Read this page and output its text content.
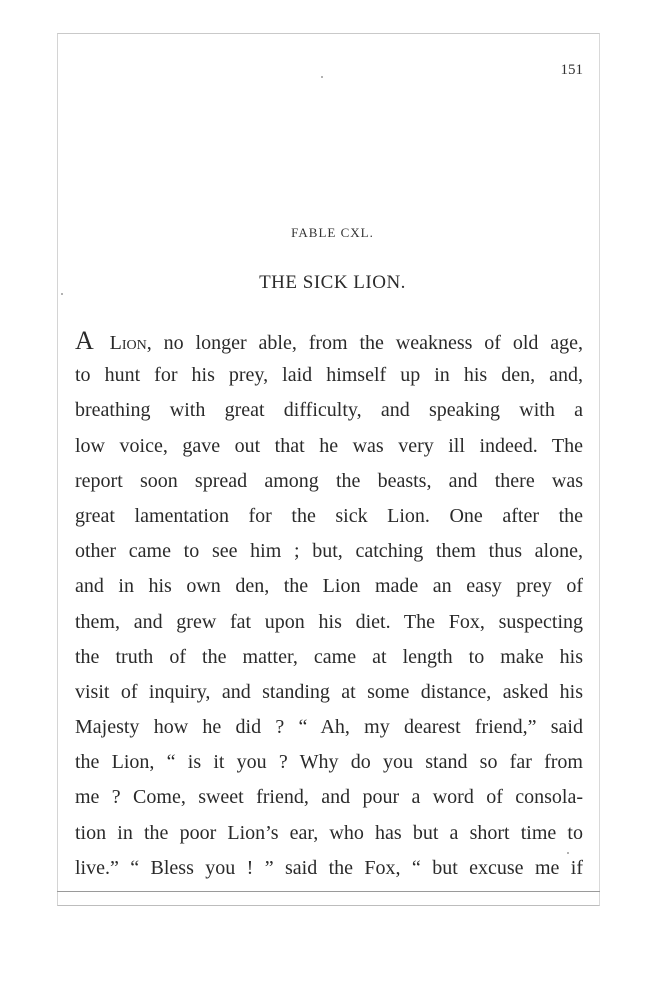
151
FABLE CXL.
THE SICK LION.
A Lion, no longer able, from the weakness of old age,
to hunt for his prey, laid himself up in his den, and,
breathing with great difficulty, and speaking with a
low voice, gave out that he was very ill indeed. The
report soon spread among the beasts, and there was
great lamentation for the sick Lion. One after the
other came to see him ; but, catching them thus alone,
and in his own den, the Lion made an easy prey of
them, and grew fat upon his diet. The Fox, suspecting
the truth of the matter, came at length to make his
visit of inquiry, and standing at some distance, asked his
Majesty how he did ? “ Ah, my dearest friend,” said
the Lion, “ is it you ? Why do you stand so far from
me ? Come, sweet friend, and pour a word of consola-
tion in the poor Lion’s ear, who has but a short time to
live.” “ Bless you ! ” said the Fox, “ but excuse me if
